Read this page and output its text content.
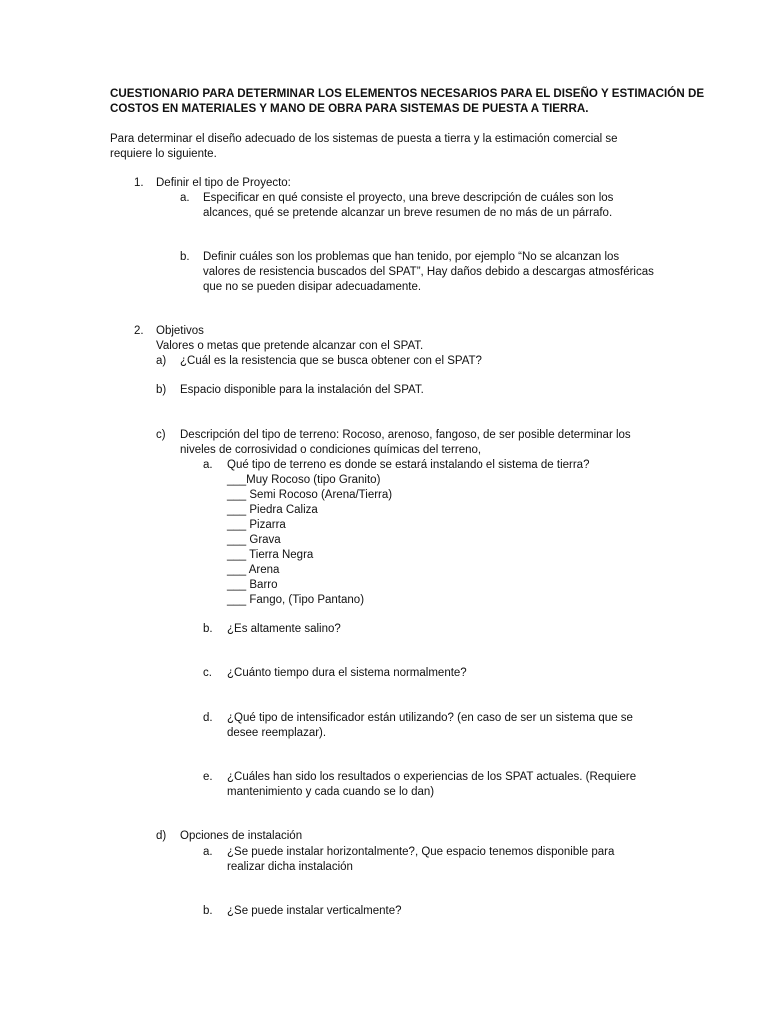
CUESTIONARIO PARA DETERMINAR LOS ELEMENTOS NECESARIOS PARA EL DISEÑO Y ESTIMACIÓN DE
COSTOS EN MATERIALES Y MANO DE OBRA PARA SISTEMAS DE PUESTA A TIERRA.
Para determinar el diseño adecuado de los sistemas de puesta a tierra y la estimación comercial se
requiere lo siguiente.
1. Definir el tipo de Proyecto:
a. Especificar en qué consiste el proyecto, una breve descripción de cuáles son los
alcances, qué se pretende alcanzar un breve resumen de no más de un párrafo.
b. Definir cuáles son los problemas que han tenido, por ejemplo “No se alcanzan los
valores de resistencia buscados del SPAT”, Hay daños debido a descargas atmosféricas
que no se pueden disipar adecuadamente.
2. Objetivos
Valores o metas que pretende alcanzar con el SPAT.
a) ¿Cuál es la resistencia que se busca obtener con el SPAT?
b) Espacio disponible para la instalación del SPAT.
c) Descripción del tipo de terreno: Rocoso, arenoso, fangoso, de ser posible determinar los
niveles de corrosividad o condiciones químicas del terreno,
a. Qué tipo de terreno es donde se estará instalando el sistema de tierra?
___Muy Rocoso (tipo Granito)
___ Semi Rocoso (Arena/Tierra)
___ Piedra Caliza
___ Pizarra
___ Grava
___ Tierra Negra
___ Arena
___ Barro
___ Fango, (Tipo Pantano)
b. ¿Es altamente salino?
c. ¿Cuánto tiempo dura el sistema normalmente?
d. ¿Qué tipo de intensificador están utilizando? (en caso de ser un sistema que se
desee reemplazar).
e. ¿Cuáles han sido los resultados o experiencias de los SPAT actuales. (Requiere
mantenimiento y cada cuando se lo dan)
d) Opciones de instalación
a. ¿Se puede instalar horizontalmente?, Que espacio tenemos disponible para
realizar dicha instalación
b. ¿Se puede instalar verticalmente?
